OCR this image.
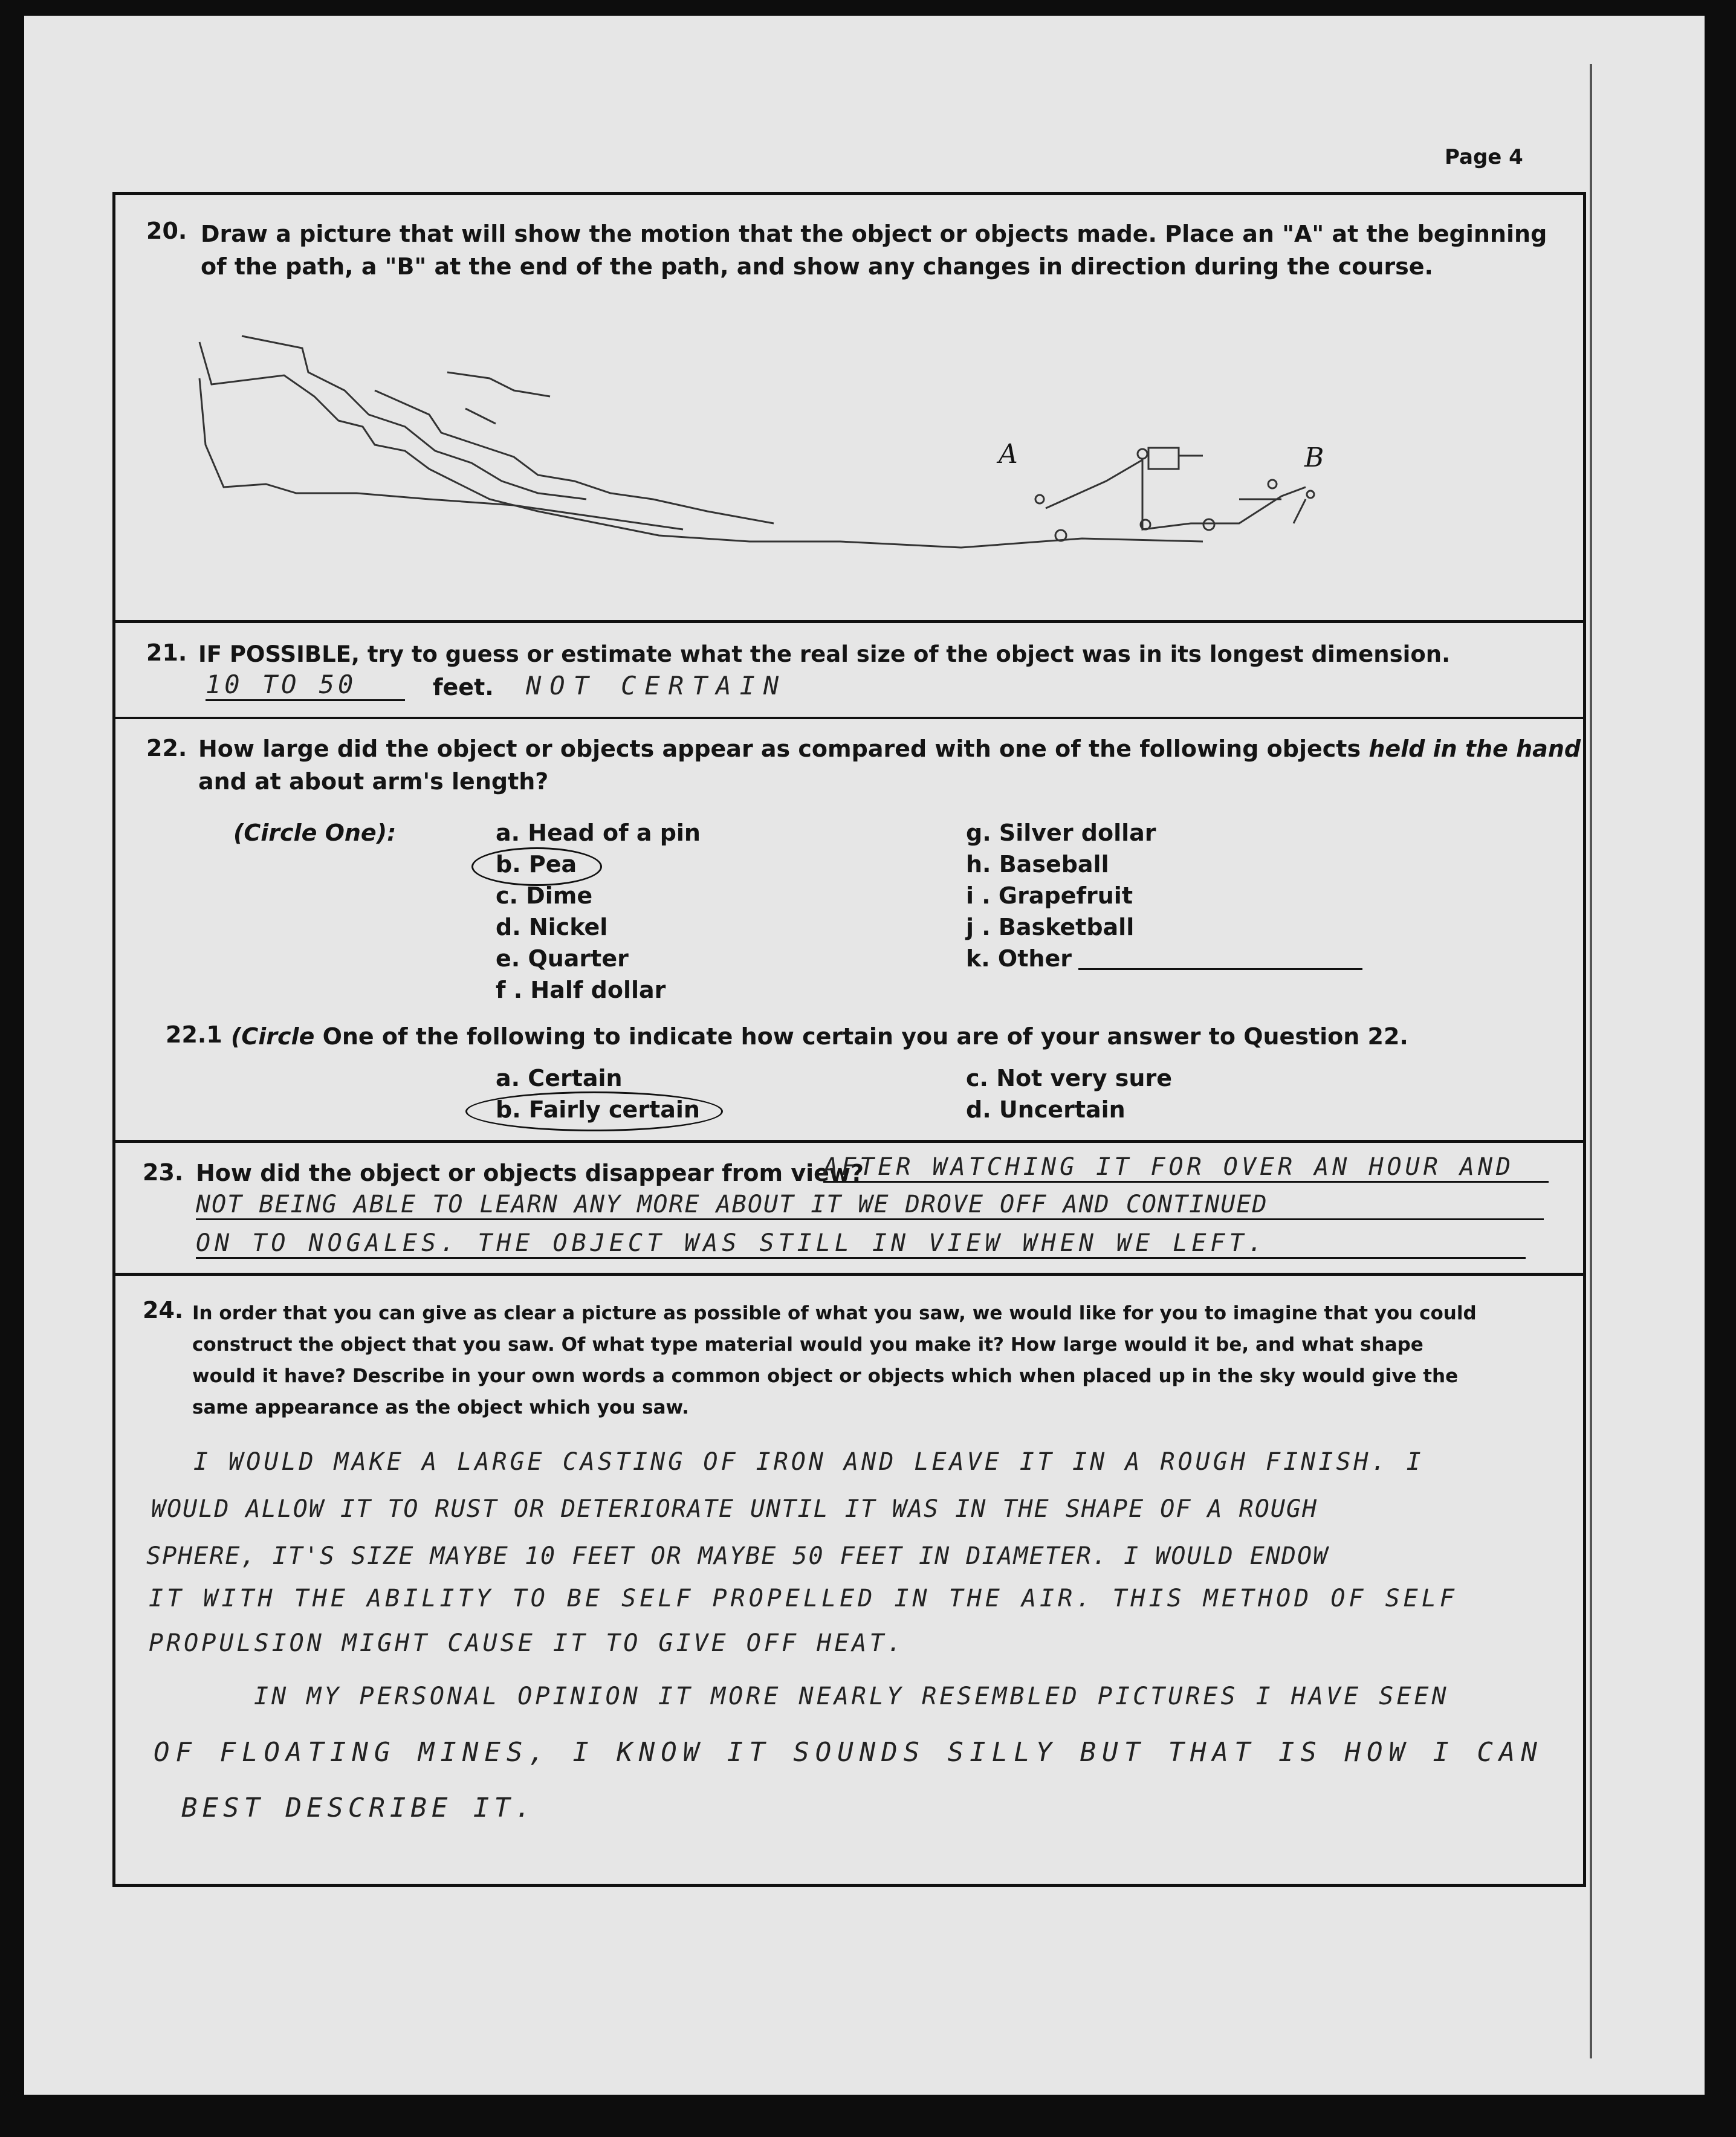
Page 4
20. Draw a picture that will show the motion that the object or objects made. Place an "A" at the beginning
of the path, a "B" at the end of the path, and show any changes in direction during the course.
A	B
21. IF POSSIBLE, try to guess or estimate what the real size of the object was in its longest dimension.
10 TO 50	feet. NOT CERTAIN
22. How large did the object or objects appear as compared with one of the following objects held in the hand
and at about arm's length?
(Circle One):	a. Head of a pin
b. Pea
c. Dime
d. Nickel
e. Quarter
f . Half dollar
g. Silver dollar
h. Baseball
i . Grapefruit
j . Basketball
k. Other
22.1 (Circle One of the following to indicate how certain you are of your answer to Question 22.
a. Certain
b. Fairly certain
c. Not very sure
d. Uncertain
23. How did the object or objects disappear from view?
AFTER WATCHING IT FOR OVER AN HOUR AND
NOT BEING ABLE TO LEARN ANY MORE ABOUT IT WE DROVE OFF AND CONTINUED
ON TO NOGALES. THE OBJECT WAS STILL IN VIEW WHEN WE LEFT.
24. In order that you can give as clear a picture as possible of what you saw, we would like for you to imagine that you could
construct the object that you saw. Of what type material would you make it? How large would it be, and what shape
would it have? Describe in your own words a common object or objects which when placed up in the sky would give the
same appearance as the object which you saw.
I WOULD MAKE A LARGE CASTING OF IRON AND LEAVE IT IN A ROUGH FINISH. I
WOULD ALLOW IT TO RUST OR DETERIORATE UNTIL IT WAS IN THE SHAPE OF A ROUGH
SPHERE, IT'S SIZE MAYBE 10 FEET OR MAYBE 50 FEET IN DIAMETER. I WOULD ENDOW
IT WITH THE ABILITY TO BE SELF PROPELLED IN THE AIR. THIS METHOD OF SELF
PROPULSION MIGHT CAUSE IT TO GIVE OFF HEAT.
IN MY PERSONAL OPINION IT MORE NEARLY RESEMBLED PICTURES I HAVE SEEN
OF FLOATING MINES, I KNOW IT SOUNDS SILLY BUT THAT IS HOW I CAN
BEST DESCRIBE IT.
